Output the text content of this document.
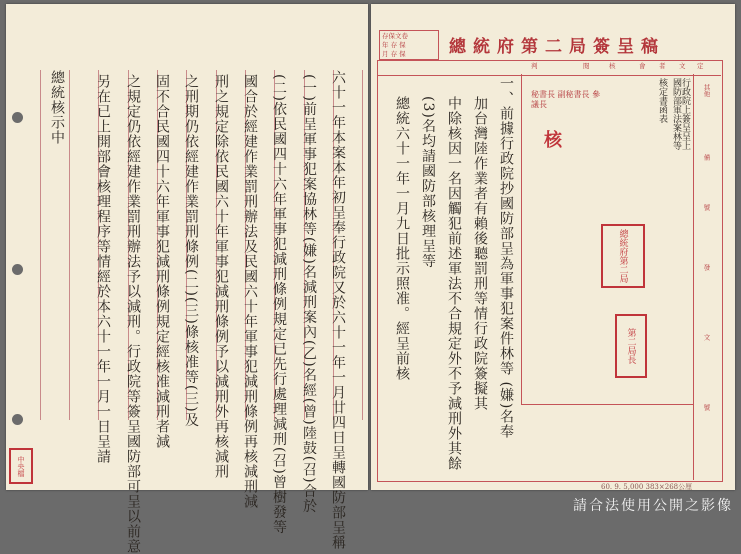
六十一年本案本年初呈奉行政院又於六十一年一月廿四日呈轉國防部呈稱
(一)前呈軍事犯案協林等(嫌)名減刑案內(乙)名經(曾)陸鼓(召)合於
(二)依民國四十六年軍事犯減刑條例規定已先行處理減刑(召)曾樹發等
國合於經建作業罰刑辦法及民國六十年軍事犯減刑條例再核減刑減
刑之規定除依民國六十年軍事犯減刑條例予以減刑外再核減刑
之刑期仍依經建作業罰刑條例(二)(三)條核准等(三)及
固不合民國四十六年軍事犯減刑條例規定經核准減刑者減
之規定仍依經建作業罰刑辦法予以減刑。行政院等簽呈國防部可呈以前意
另在已上開部會核理程序等情經於本六十一年一月一日呈請
總統核示中
中央檔
存保文卷
年 存 保
月 存 保	總統府第二局簽呈稿
判	閱	核	會 者 文 定
其他
備
號
發
文
號
行政院上簽呈呈上國防部軍法案林等
核定書函表
秘書長 副秘書長 參議長
核
總統府第二局
第二局長
一、前據行政院抄國防部呈為軍事犯案件林等 (嫌)名奉
加台灣陸作業者有賴後聽罰刑等情行政院簽擬其
中除核因一名因觸犯前述軍法不合規定外不予減刑外其餘
(3)名均請國防部核理呈等
總統六十一年一月九日批示照准。經呈前核
60. 9. 5,000 383×268公厘
請合法使用公開之影像
